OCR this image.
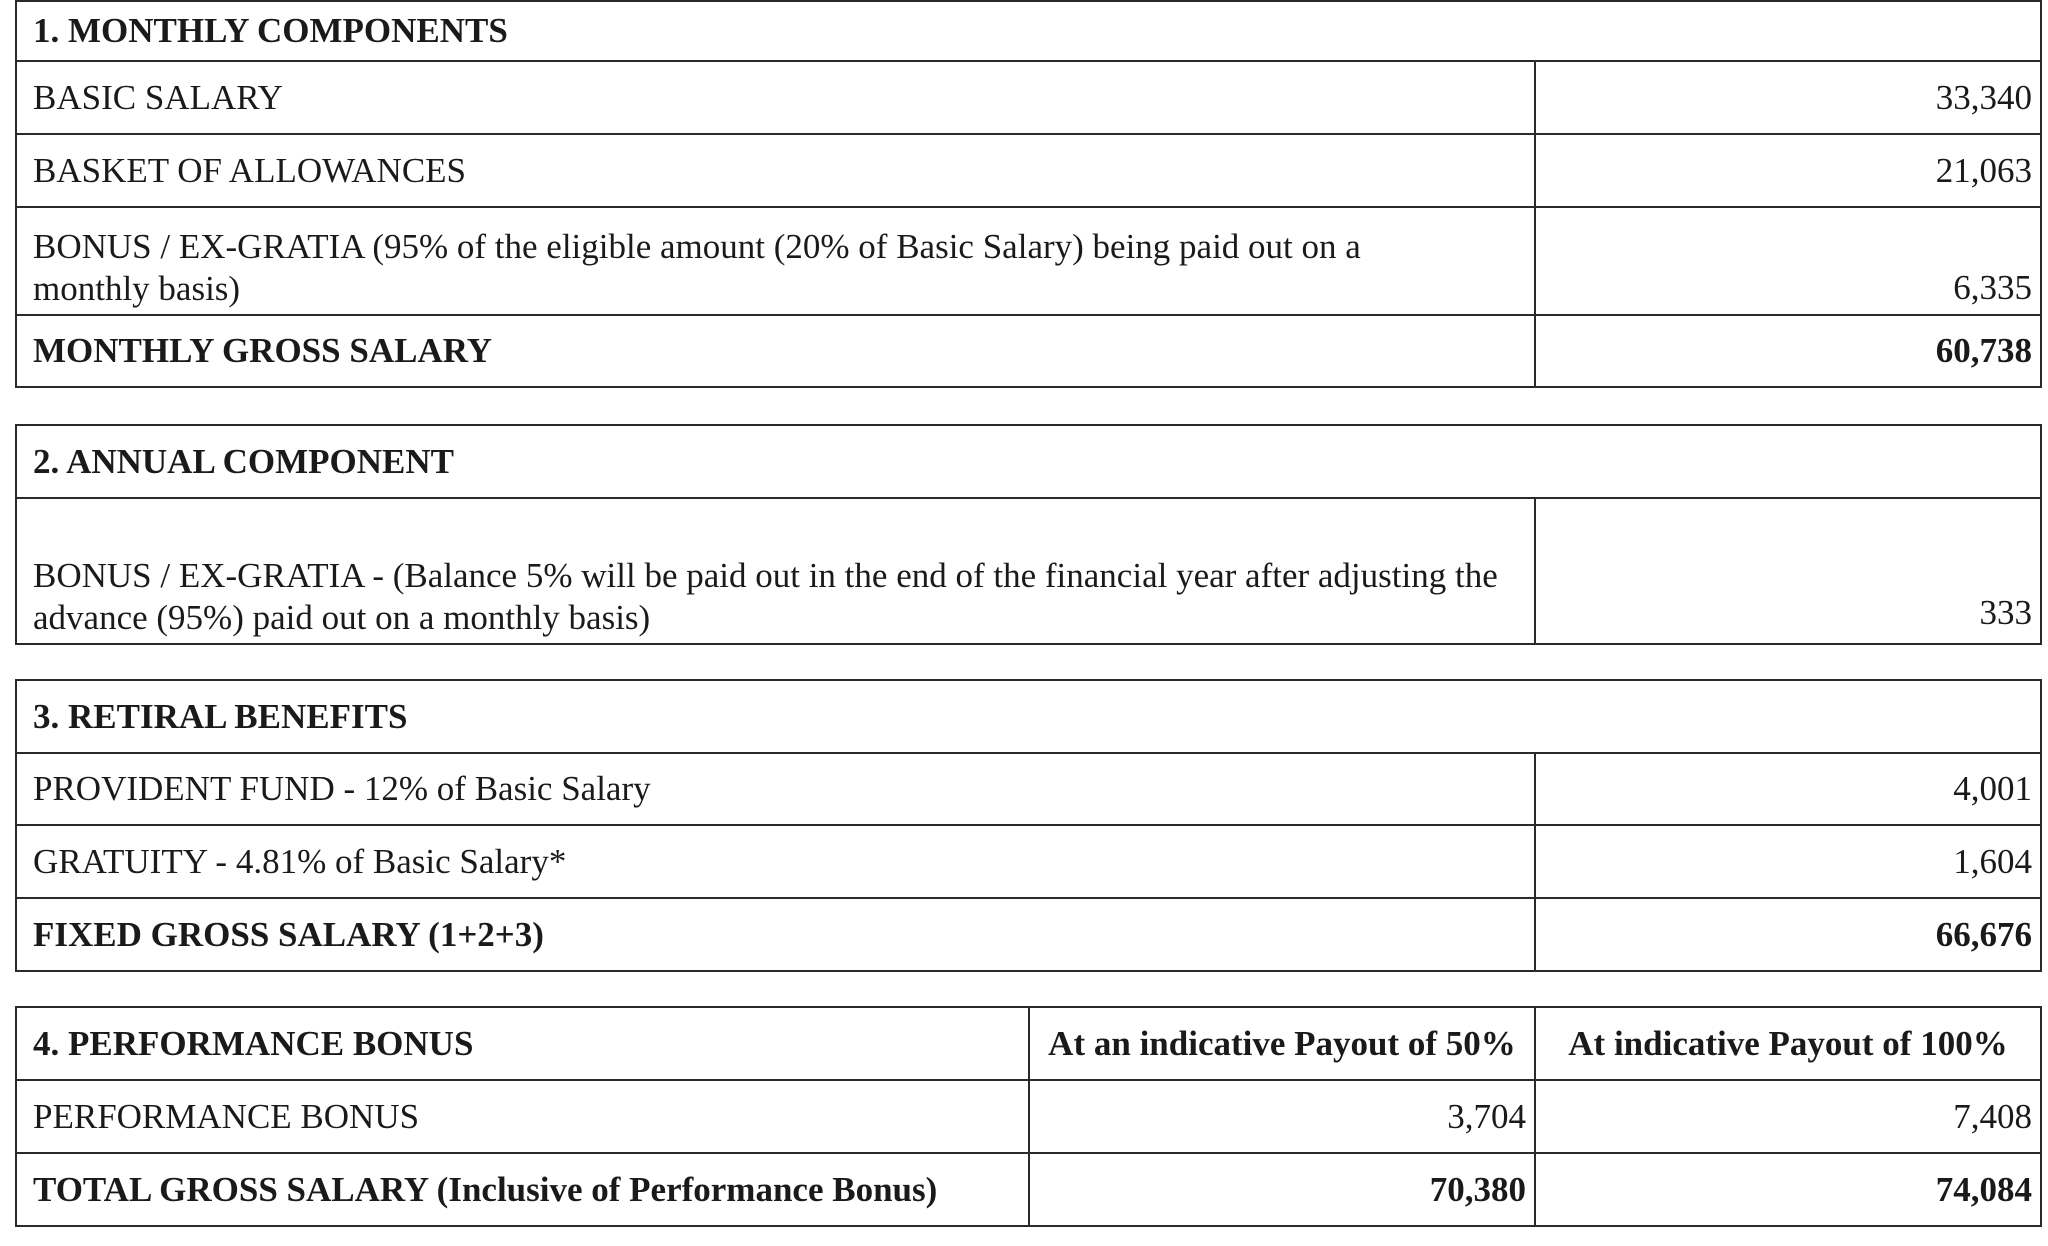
1. MONTHLY COMPONENTS	
BASIC SALARY	33,340
BASKET OF ALLOWANCES	21,063
BONUS / EX-GRATIA (95% of the eligible amount (20% of Basic Salary) being paid out on a monthly basis)	6,335
MONTHLY GROSS SALARY	60,738
2. ANNUAL COMPONENT
BONUS / EX-GRATIA - (Balance 5% will be paid out in the end of the financial year after adjusting the advance (95%) paid out on a monthly basis)	333
3. RETIRAL BENEFITS	
PROVIDENT FUND - 12% of Basic Salary	4,001
GRATUITY - 4.81% of Basic Salary*	1,604
FIXED GROSS SALARY (1+2+3)	66,676
4. PERFORMANCE BONUS	At an indicative Payout of 50%	At indicative Payout of 100%
PERFORMANCE BONUS	3,704	7,408
TOTAL GROSS SALARY (Inclusive of Performance Bonus)	70,380	74,084
